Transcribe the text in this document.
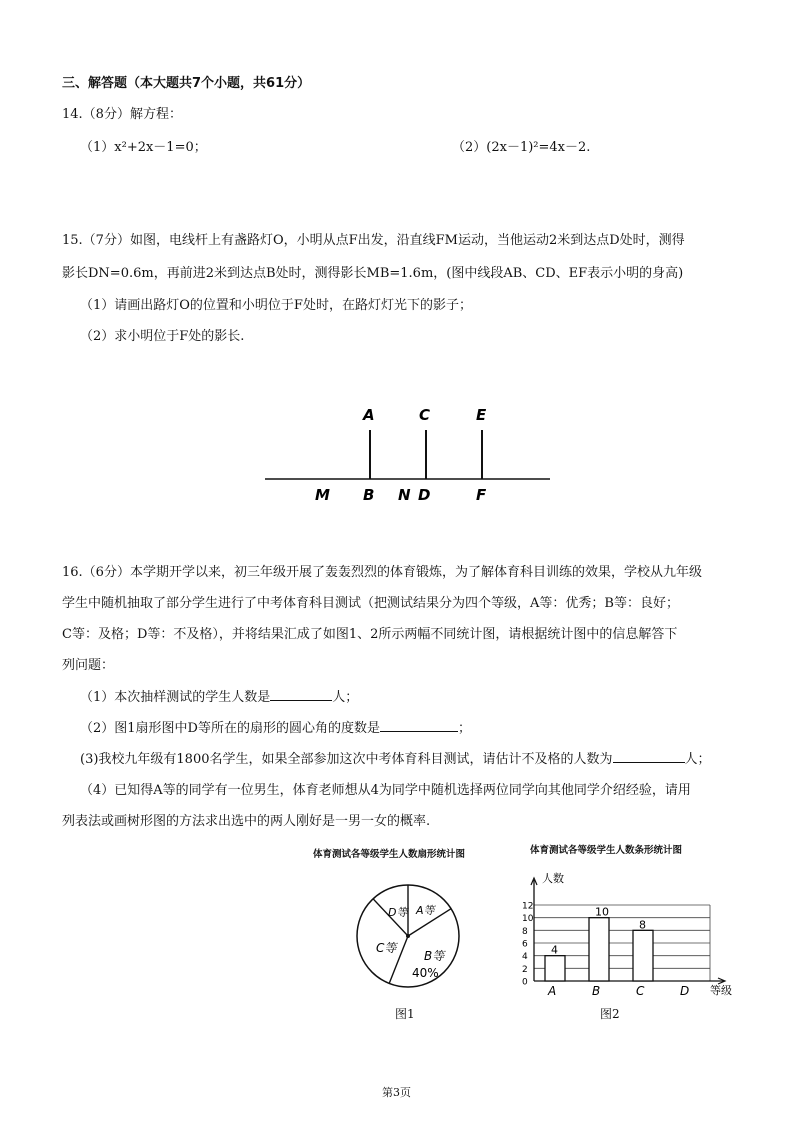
三、解答题（本大题共7个小题，共61分）
14.（8分）解方程：
（1）x²+2x－1=0；	（2）(2x－1)²=4x－2.
15.（7分）如图，电线杆上有盏路灯O，小明从点F出发，沿直线FM运动，当他运动2米到达点D处时，测得
影长DN=0.6m，再前进2米到达点B处时，测得影长MB=1.6m，(图中线段AB、CD、EF表示小明的身高)
（1）请画出路灯O的位置和小明位于F处时，在路灯灯光下的影子；
（2）求小明位于F处的影长.
A	C	E
M B N D	F
16.（6分）本学期开学以来，初三年级开展了轰轰烈烈的体育锻炼，为了解体育科目训练的效果，学校从九年级
学生中随机抽取了部分学生进行了中考体育科目测试（把测试结果分为四个等级，A等：优秀；B等：良好；
C等：及格；D等：不及格），并将结果汇成了如图1、2所示两幅不同统计图，请根据统计图中的信息解答下
列问题：
（1）本次抽样测试的学生人数是	人；
（2）图1扇形图中D等所在的扇形的圆心角的度数是	；
(3)我校九年级有1800名学生，如果全部参加这次中考体育科目测试，请估计不及格的人数为	人；
（4）已知得A等的同学有一位男生，体育老师想从4为同学中随机选择两位同学向其他同学介绍经验，请用
列表法或画树形图的方法求出选中的两人刚好是一男一女的概率.
体育测试各等级学生人数扇形统计图
D等 A等
C等
B等
40%
图1
体育测试各等级学生人数条形统计图
0
2
4
6
8
10
12
4
A
10
B
8
C	D
人数
等级
图2
第3页
